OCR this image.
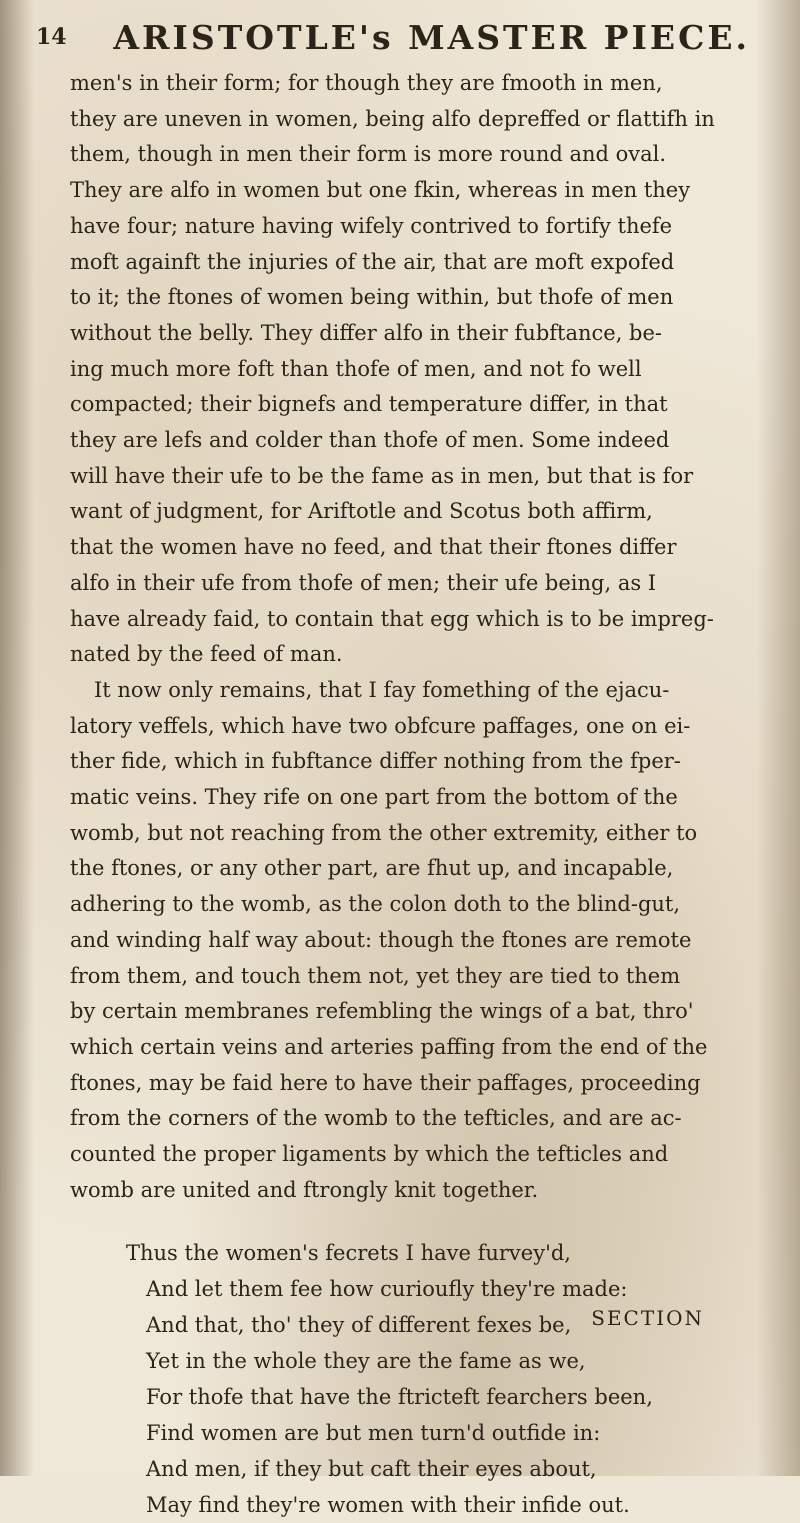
14	ARISTOTLE's MASTER PIECE.
men's in their form; for though they are fmooth in men,
they are uneven in women, being alfo depreffed or flattifh in
them, though in men their form is more round and oval.
They are alfo in women but one fkin, whereas in men they
have four; nature having wifely contrived to fortify thefe
moft againft the injuries of the air, that are moft expofed
to it; the ftones of women being within, but thofe of men
without the belly. They differ alfo in their fubftance, be-
ing much more foft than thofe of men, and not fo well
compacted; their bignefs and temperature differ, in that
they are lefs and colder than thofe of men. Some indeed
will have their ufe to be the fame as in men, but that is for
want of judgment, for Ariftotle and Scotus both affirm,
that the women have no feed, and that their ftones differ
alfo in their ufe from thofe of men; their ufe being, as I
have already faid, to contain that egg which is to be impreg-
nated by the feed of man.
It now only remains, that I fay fomething of the ejacu-
latory veffels, which have two obfcure paffages, one on ei-
ther fide, which in fubftance differ nothing from the fper-
matic veins. They rife on one part from the bottom of the
womb, but not reaching from the other extremity, either to
the ftones, or any other part, are fhut up, and incapable,
adhering to the womb, as the colon doth to the blind-gut,
and winding half way about: though the ftones are remote
from them, and touch them not, yet they are tied to them
by certain membranes refembling the wings of a bat, thro'
which certain veins and arteries paffing from the end of the
ftones, may be faid here to have their paffages, proceeding
from the corners of the womb to the tefticles, and are ac-
counted the proper ligaments by which the tefticles and
womb are united and ftrongly knit together.
Thus the women's fecrets I have furvey'd,
And let them fee how curioufly they're made:
And that, tho' they of different fexes be,
Yet in the whole they are the fame as we,
For thofe that have the ftricteft fearchers been,
Find women are but men turn'd outfide in:
And men, if they but caft their eyes about,
May find they're women with their infide out.
SECTION
